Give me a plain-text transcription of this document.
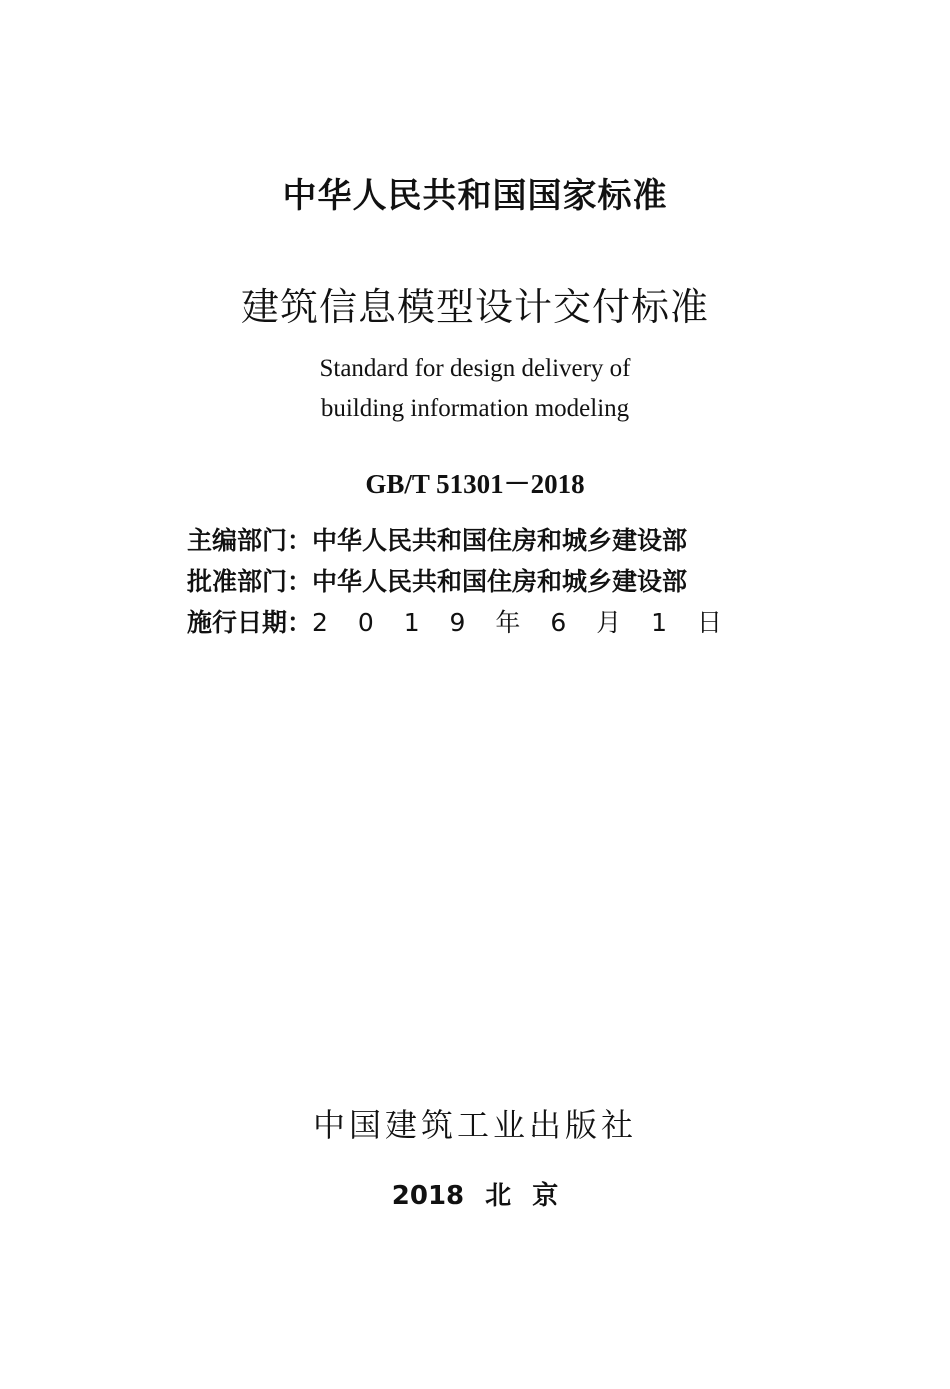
中华人民共和国国家标准
建筑信息模型设计交付标准
Standard for design delivery of
building information modeling
GB/T 51301－2018
主编部门： 中华人民共和国住房和城乡建设部
批准部门： 中华人民共和国住房和城乡建设部
施行日期： 2 0 1 9 年 6 月 1 日
中国建筑工业出版社
2018 北 京
